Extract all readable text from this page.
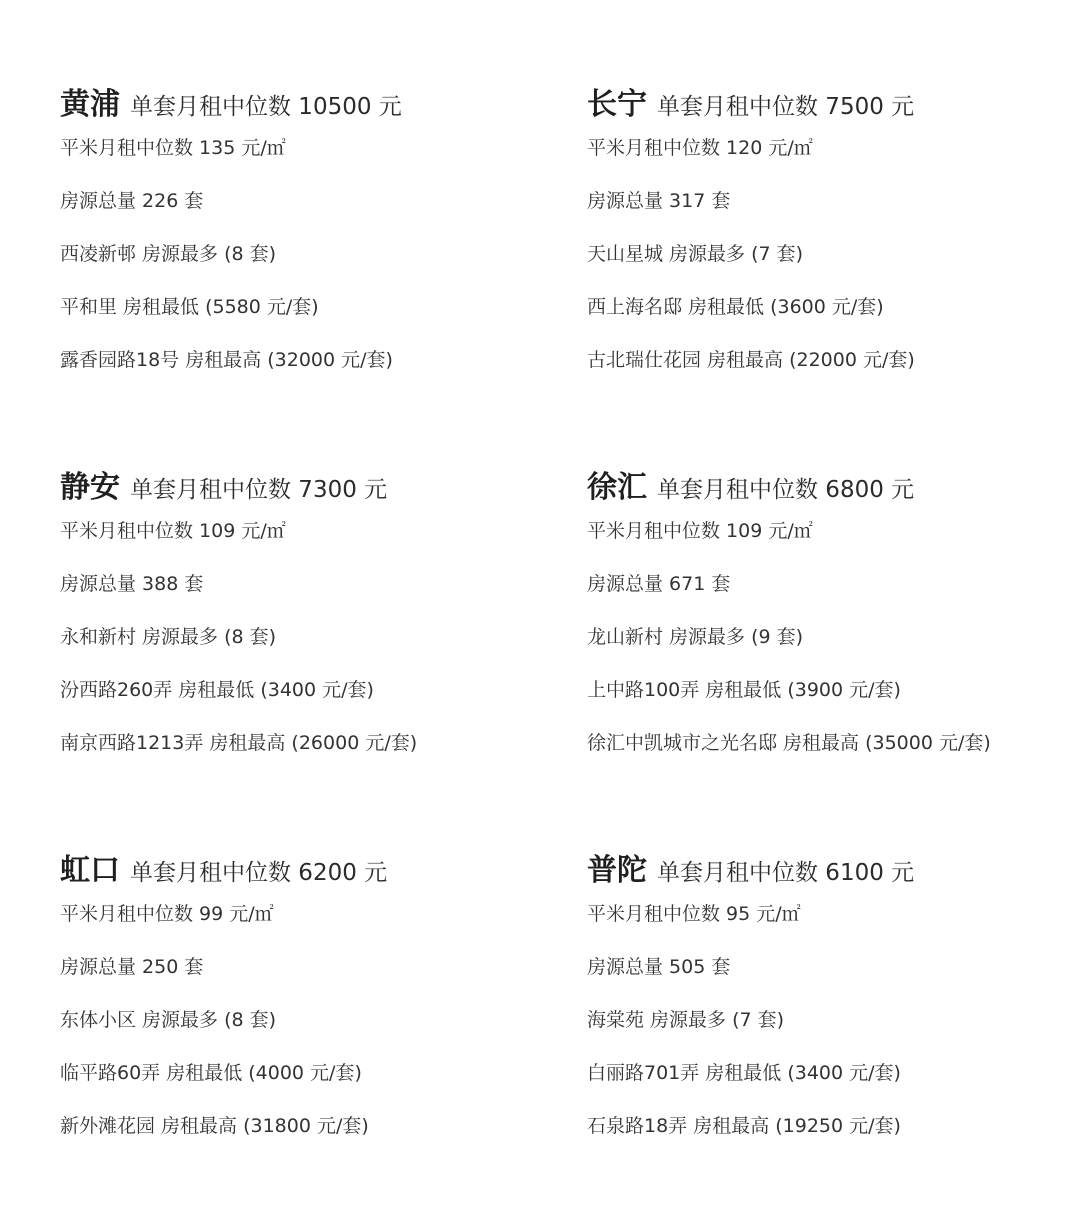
黄浦 单套月租中位数 10500 元
平米月租中位数 135 元/㎡
房源总量 226 套
西凌新邨 房源最多 (8 套)
平和里 房租最低 (5580 元/套)
露香园路18号 房租最高 (32000 元/套)
长宁 单套月租中位数 7500 元
平米月租中位数 120 元/㎡
房源总量 317 套
天山星城 房源最多 (7 套)
西上海名邸 房租最低 (3600 元/套)
古北瑞仕花园 房租最高 (22000 元/套)
静安 单套月租中位数 7300 元
平米月租中位数 109 元/㎡
房源总量 388 套
永和新村 房源最多 (8 套)
汾西路260弄 房租最低 (3400 元/套)
南京西路1213弄 房租最高 (26000 元/套)
徐汇 单套月租中位数 6800 元
平米月租中位数 109 元/㎡
房源总量 671 套
龙山新村 房源最多 (9 套)
上中路100弄 房租最低 (3900 元/套)
徐汇中凯城市之光名邸 房租最高 (35000 元/套)
虹口 单套月租中位数 6200 元
平米月租中位数 99 元/㎡
房源总量 250 套
东体小区 房源最多 (8 套)
临平路60弄 房租最低 (4000 元/套)
新外滩花园 房租最高 (31800 元/套)
普陀 单套月租中位数 6100 元
平米月租中位数 95 元/㎡
房源总量 505 套
海棠苑 房源最多 (7 套)
白丽路701弄 房租最低 (3400 元/套)
石泉路18弄 房租最高 (19250 元/套)
